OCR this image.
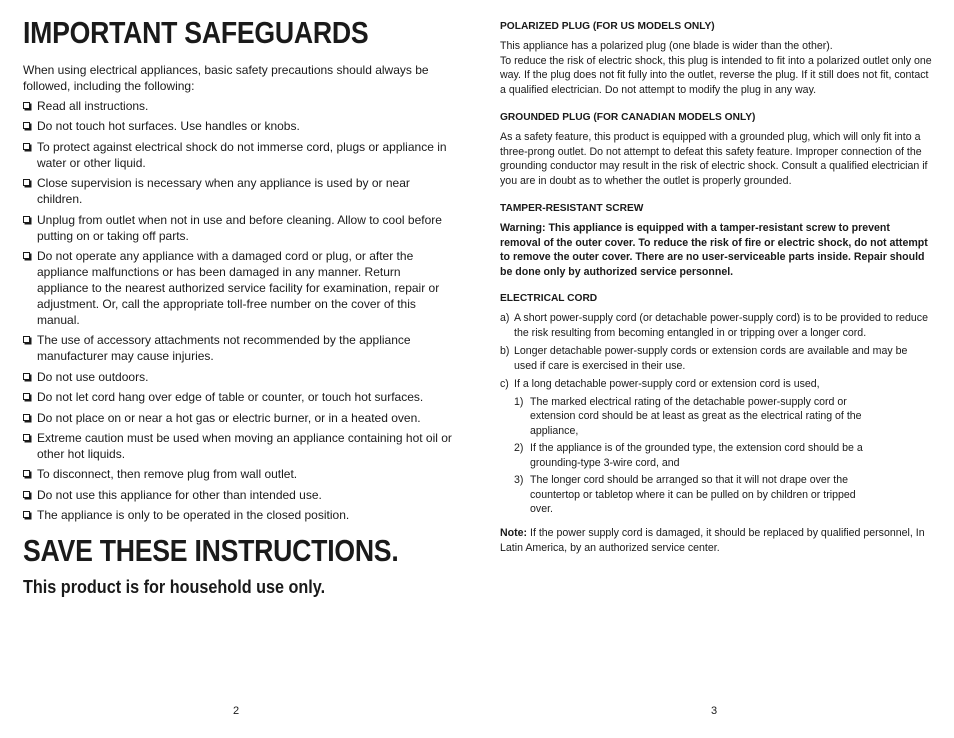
IMPORTANT SAFEGUARDS

When using electrical appliances, basic safety precautions should always be followed, including the following:

Read all instructions.
Do not touch hot surfaces. Use handles or knobs.
To protect against electrical shock do not immerse cord, plugs or appliance in water or other liquid.
Close supervision is necessary when any appliance is used by or near children.
Unplug from outlet when not in use and before cleaning. Allow to cool before putting on or taking off parts.
Do not operate any appliance with a damaged cord or plug, or after the appliance malfunctions or has been damaged in any manner. Return appliance to the nearest authorized service facility for examination, repair or adjustment. Or, call the appropriate toll-free number on the cover of this manual.
The use of accessory attachments not recommended by the appliance manufacturer may cause injuries.
Do not use outdoors.
Do not let cord hang over edge of table or counter, or touch hot surfaces.
Do not place on or near a hot gas or electric burner, or in a heated oven.
Extreme caution must be used when moving an appliance containing hot oil or other hot liquids.
To disconnect, then remove plug from wall outlet.
Do not use this appliance for other than intended use.
The appliance is only to be operated in the closed position.
SAVE THESE INSTRUCTIONS.
This product is for household use only.
2
POLARIZED PLUG (FOR US MODELS ONLY)

This appliance has a polarized plug (one blade is wider than the other).

To reduce the risk of electric shock, this plug is intended to fit into a polarized outlet only one way. If the plug does not fit fully into the outlet, reverse the plug. If it still does not fit, contact a qualified electrician. Do not attempt to modify the plug in any way.

GROUNDED PLUG (FOR CANADIAN MODELS ONLY)

As a safety feature, this product is equipped with a grounded plug, which will only fit into a three-prong outlet. Do not attempt to defeat this safety feature. Improper connection of the grounding conductor may result in the risk of electric shock. Consult a qualified electrician if you are in doubt as to whether the outlet is properly grounded.

TAMPER-RESISTANT SCREW

Warning: This appliance is equipped with a tamper-resistant screw to prevent removal of the outer cover. To reduce the risk of fire or electric shock, do not attempt to remove the outer cover. There are no user-serviceable parts inside. Repair should be done only by authorized service personnel.

ELECTRICAL CORD
a) A short power-supply cord (or detachable power-supply cord) is to be provided to reduce the risk resulting from becoming entangled in or tripping over a longer cord.
b) Longer detachable power-supply cords or extension cords are available and may be used if care is exercised in their use.
c) If a long detachable power-supply cord or extension cord is used,
1) The marked electrical rating of the detachable power-supply cord or extension cord should be at least as great as the electrical rating of the appliance,
2) If the appliance is of the grounded type, the extension cord should be a grounding-type 3-wire cord, and
3) The longer cord should be arranged so that it will not drape over the countertop or tabletop where it can be pulled on by children or tripped over.

Note: If the power supply cord is damaged, it should be replaced by qualified personnel, In Latin America, by an authorized service center.

3
